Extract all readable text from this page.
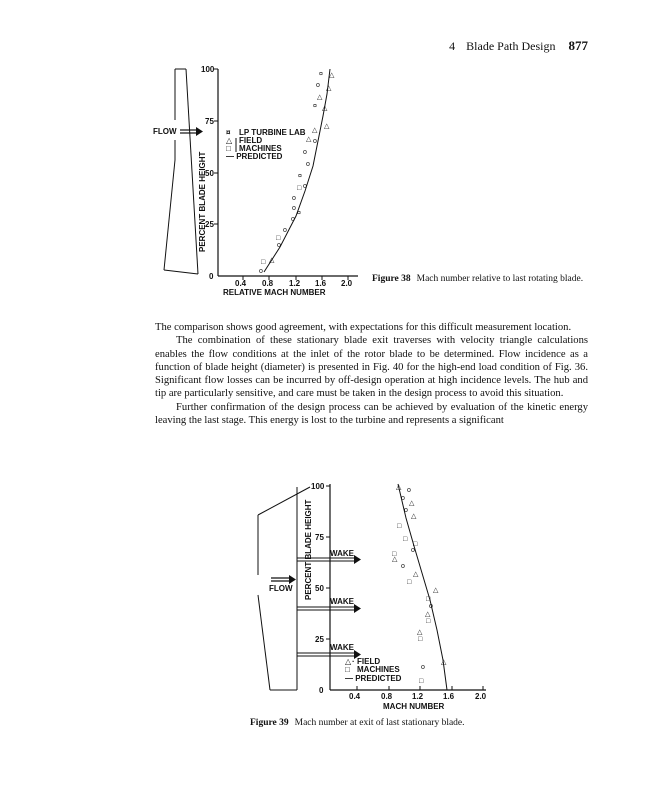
4 Blade Path Design 877
FLOW
PERCENT BLADE HEIGHT
100
75
50
25
0
0.4 0.8 1.2 1.6 2.0
RELATIVE MACH NUMBER
¤ LP TURBINE LAB
△
□
FIELD
MACHINES
— PREDICTED
△
¤
o △
△
¤ △
△
△
△ o
o
o
¤
□ o
o
o
¤
o
o
□
o
△
□
o
Figure 38 Mach number relative to last rotating blade.

The comparison shows good agreement, with expectations for this difficult measurement location.

The combination of these stationary blade exit traverses with velocity triangle calculations enables the flow conditions at the inlet of the rotor blade to be determined. Flow incidence as a function of blade height (diameter) is presented in Fig. 40 for the high-end load condition of Fig. 36. Significant flow losses can be incurred by off-design operation at high incidence levels. The hub and tip are particularly sensitive, and care must be taken in the design process to avoid this situation.

Further confirmation of the design process can be achieved by evaluation of the kinetic energy leaving the last stage. This energy is lost to the turbine and represents a significant

FLOW PERCENT BLADE HEIGHT
100
75
50
25
0
WAKE
WAKE
WAKE
0.4	0.8 1.2 1.6	2.0
MACH NUMBER
△
□
· FIELD
MACHINES
— PREDICTED
△ o
o
△
o
△
□
□
□
o
□
△
o
△
□
△
□
o
△
□
△
□
o
△
□
Figure 39 Mach number at exit of last stationary blade.
